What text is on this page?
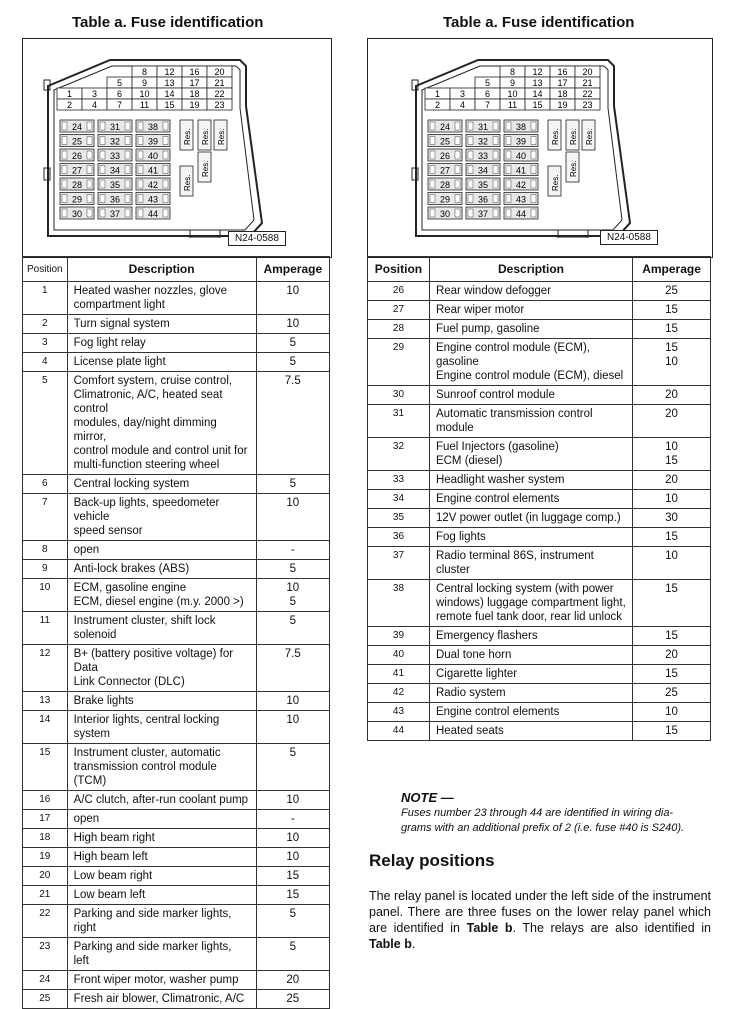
Table a. Fuse identification
8 12 16 20
5 9 13 17 21
1 3 6 10 14 18 22
2 4 7 11 15 19 23
24
25
26
27
28
29
30
31
32
33
34
35
36
37
38
39
40
41
42
43
44
Res. Res. Res.
Res.
Res.
N24-0588
Position	Description	Amperage
1	Heated washer nozzles, glove
compartment light	10
2	Turn signal system	10
3	Fog light relay	5
4	License plate light	5
5	Comfort system, cruise control,
Climatronic, A/C, heated seat control
modules, day/night dimming mirror,
control module and control unit for
multi-function steering wheel	7.5
6	Central locking system	5
7	Back-up lights, speedometer vehicle
speed sensor	10
8	open	-
9	Anti-lock brakes (ABS)	5
10	ECM, gasoline engine
ECM, diesel engine (m.y. 2000 >)	10
5
11	Instrument cluster, shift lock solenoid	5
12	B+ (battery positive voltage) for Data
Link Connector (DLC)	7.5
13	Brake lights	10
14	Interior lights, central locking system	10
15	Instrument cluster, automatic
transmission control module (TCM)	5
16	A/C clutch, after-run coolant pump	10
17	open	-
18	High beam right	10
19	High beam left	10
20	Low beam right	15
21	Low beam left	15
22	Parking and side marker lights, right	5
23	Parking and side marker lights, left	5
24	Front wiper motor, washer pump	20
25	Fresh air blower, Climatronic, A/C	25
Table a. Fuse identification
8 12 16 20
5 9 13 17 21
1 3 6 10 14 18 22
2 4 7 11 15 19 23
24
25
26
27
28
29
30
31
32
33
34
35
36
37
38
39
40
41
42
43
44
Res. Res. Res.
Res.
Res.
N24-0588
Position	Description	Amperage
26	Rear window defogger	25
27	Rear wiper motor	15
28	Fuel pump, gasoline	15
29	Engine control module (ECM), gasoline
Engine control module (ECM), diesel	15
10
30	Sunroof control module	20
31	Automatic transmission control module	20
32	Fuel Injectors (gasoline)
ECM (diesel)	10
15
33	Headlight washer system	20
34	Engine control elements	10
35	12V power outlet (in luggage comp.)	30
36	Fog lights	15
37	Radio terminal 86S, instrument cluster	10
38	Central locking system (with power
windows) luggage compartment light,
remote fuel tank door, rear lid unlock	15
39	Emergency flashers	15
40	Dual tone horn	20
41	Cigarette lighter	15
42	Radio system	25
43	Engine control elements	10
44	Heated seats	15
NOTE —
Fuses number 23 through 44 are identified in wiring dia-
grams with an additional prefix of 2 (i.e. fuse #40 is S240).
Relay positions
The relay panel is located under the left side of the instrument panel. There are three fuses on the lower relay panel which are identified in Table b. The relays are also identified in Table b.
